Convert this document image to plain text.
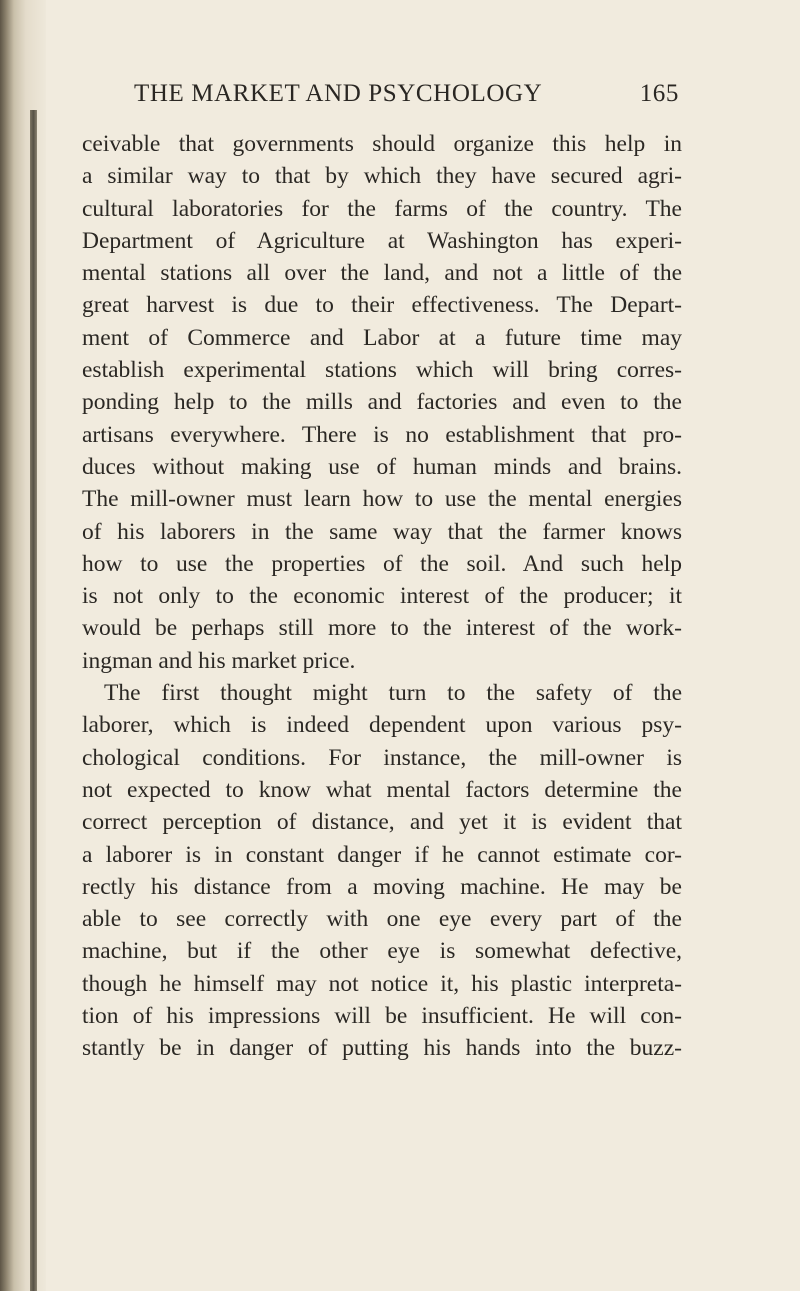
THE MARKET AND PSYCHOLOGY	165
ceivable that governments should organize this help in
a similar way to that by which they have secured agri-
cultural laboratories for the farms of the country. The
Department of Agriculture at Washington has experi-
mental stations all over the land, and not a little of the
great harvest is due to their effectiveness. The Depart-
ment of Commerce and Labor at a future time may
establish experimental stations which will bring corres-
ponding help to the mills and factories and even to the
artisans everywhere. There is no establishment that pro-
duces without making use of human minds and brains.
The mill-owner must learn how to use the mental energies
of his laborers in the same way that the farmer knows
how to use the properties of the soil. And such help
is not only to the economic interest of the producer; it
would be perhaps still more to the interest of the work-
ingman and his market price.
The first thought might turn to the safety of the
laborer, which is indeed dependent upon various psy-
chological conditions. For instance, the mill-owner is
not expected to know what mental factors determine the
correct perception of distance, and yet it is evident that
a laborer is in constant danger if he cannot estimate cor-
rectly his distance from a moving machine. He may be
able to see correctly with one eye every part of the
machine, but if the other eye is somewhat defective,
though he himself may not notice it, his plastic interpreta-
tion of his impressions will be insufficient. He will con-
stantly be in danger of putting his hands into the buzz-
